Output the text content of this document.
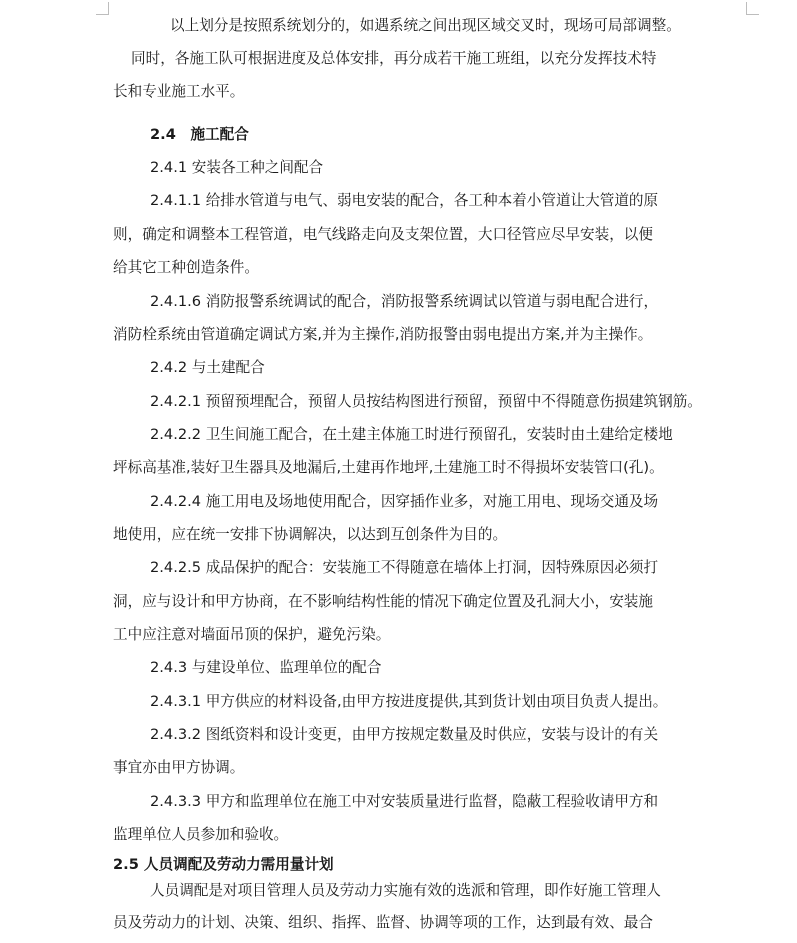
以上划分是按照系统划分的，如遇系统之间出现区域交叉时，现场可局部调整。
同时，各施工队可根据进度及总体安排，再分成若干施工班组，以充分发挥技术特
长和专业施工水平。
2.4　施工配合
2.4.1 安装各工种之间配合
2.4.1.1 给排水管道与电气、弱电安装的配合，各工种本着小管道让大管道的原
则，确定和调整本工程管道，电气线路走向及支架位置，大口径管应尽早安装，以便
给其它工种创造条件。
2.4.1.6 消防报警系统调试的配合，消防报警系统调试以管道与弱电配合进行，
消防栓系统由管道确定调试方案,并为主操作,消防报警由弱电提出方案,并为主操作。
2.4.2 与土建配合
2.4.2.1 预留预埋配合，预留人员按结构图进行预留，预留中不得随意伤损建筑钢筋。
2.4.2.2 卫生间施工配合，在土建主体施工时进行预留孔，安装时由土建给定楼地
坪标高基准,装好卫生器具及地漏后,土建再作地坪,土建施工时不得损坏安装管口(孔)。
2.4.2.4 施工用电及场地使用配合，因穿插作业多，对施工用电、现场交通及场
地使用，应在统一安排下协调解决，以达到互创条件为目的。
2.4.2.5 成品保护的配合：安装施工不得随意在墙体上打洞，因特殊原因必须打
洞，应与设计和甲方协商，在不影响结构性能的情况下确定位置及孔洞大小，安装施
工中应注意对墙面吊顶的保护，避免污染。
2.4.3 与建设单位、监理单位的配合
2.4.3.1 甲方供应的材料设备,由甲方按进度提供,其到货计划由项目负责人提出。
2.4.3.2 图纸资料和设计变更，由甲方按规定数量及时供应，安装与设计的有关
事宜亦由甲方协调。
2.4.3.3 甲方和监理单位在施工中对安装质量进行监督，隐蔽工程验收请甲方和
监理单位人员参加和验收。
2.5 人员调配及劳动力需用量计划
人员调配是对项目管理人员及劳动力实施有效的选派和管理，即作好施工管理人
员及劳动力的计划、决策、组织、指挥、监督、协调等项的工作，达到最有效、最合
